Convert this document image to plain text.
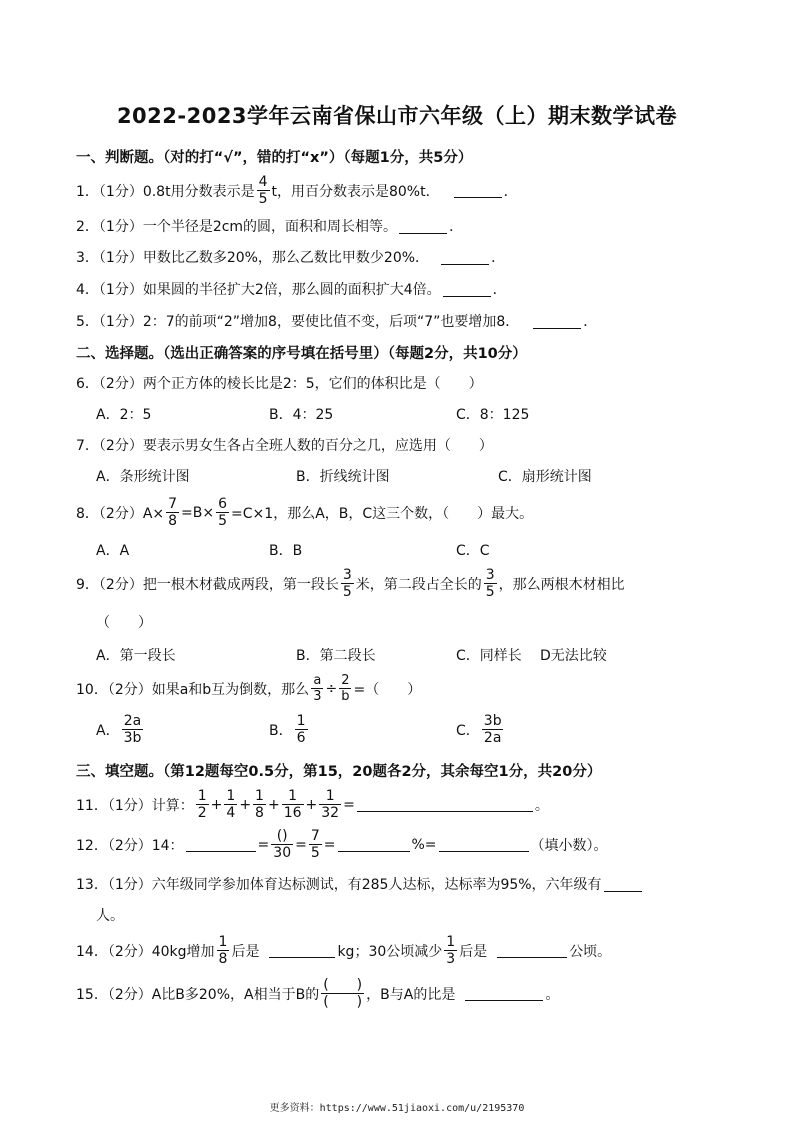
2022-2023学年云南省保山市六年级（上）期末数学试卷
一、判断题。（对的打“√”，错的打“x”）（每题1分，共5分）
1．（1分）0.8t用分数表示是 $\frac{4}{5}$ t，用百分数表示是80%t．	．
2．（1分）一个半径是2cm的圆，面积和周长相等。	．
3．（1分）甲数比乙数多20%，那么乙数比甲数少20%．	．
4．（1分）如果圆的半径扩大2倍，那么圆的面积扩大4倍。	．
5．（1分）2：7的前项“2”增加8，要使比值不变，后项“7”也要增加8．	．
二、选择题。（选出正确答案的序号填在括号里）（每题2分，共10分）
6．（2分）两个正方体的棱长比是2：5，它们的体积比是（　　）
A．2：5	B．4：25	C．8：125
7．（2分）要表示男女生各占全班人数的百分之几，应选用（　　）
A．条形统计图	B．折线统计图	C．扇形统计图
8．（2分）$A\times \frac{7}{8} =B\times \frac{6}{5} =C\times 1$，那么A，B，C这三个数，（　　）最大。
A．A	B．B	C．C
9．（2分）把一根木材截成两段，第一段长 $\frac{3}{5}$ 米，第二段占全长的 $\frac{3}{5}$ ，那么两根木材相比
（　　）
A．第一段长	B．第二段长	C．同样长 D无法比较
10．（2分）如果a和b互为倒数，那么 $\frac{a}{3} \div \frac{2}{b}$ =（　　）
A． $\frac{2a}{3b}$	B． $\frac{1}{6}$	C． $\frac{3b}{2a}$
三、填空题。（第12题每空0.5分，第15，20题各2分，其余每空1分，共20分）
11．（1分）计算： $\frac{1}{2} + \frac{1}{4} + \frac{1}{8} + \frac{1}{16} + \frac{1}{32}$ =	。
12．（2分）14：	= $\frac{()}{30} = \frac{7}{5}$ =	%=	（填小数）。
13．（1分）六年级同学参加体育达标测试，有285人达标，达标率为95%，六年级有
人。
14．（2分）40kg增加 $\frac{1}{8}$ 后是	kg；30公顷减少 $\frac{1}{3}$ 后是	公顷。
15．（2分）A比B多20%，A相当于B的 $\frac{( )}{( )}$ ，B与A的比是	。
更多资料：https://www.51jiaoxi.com/u/2195370
